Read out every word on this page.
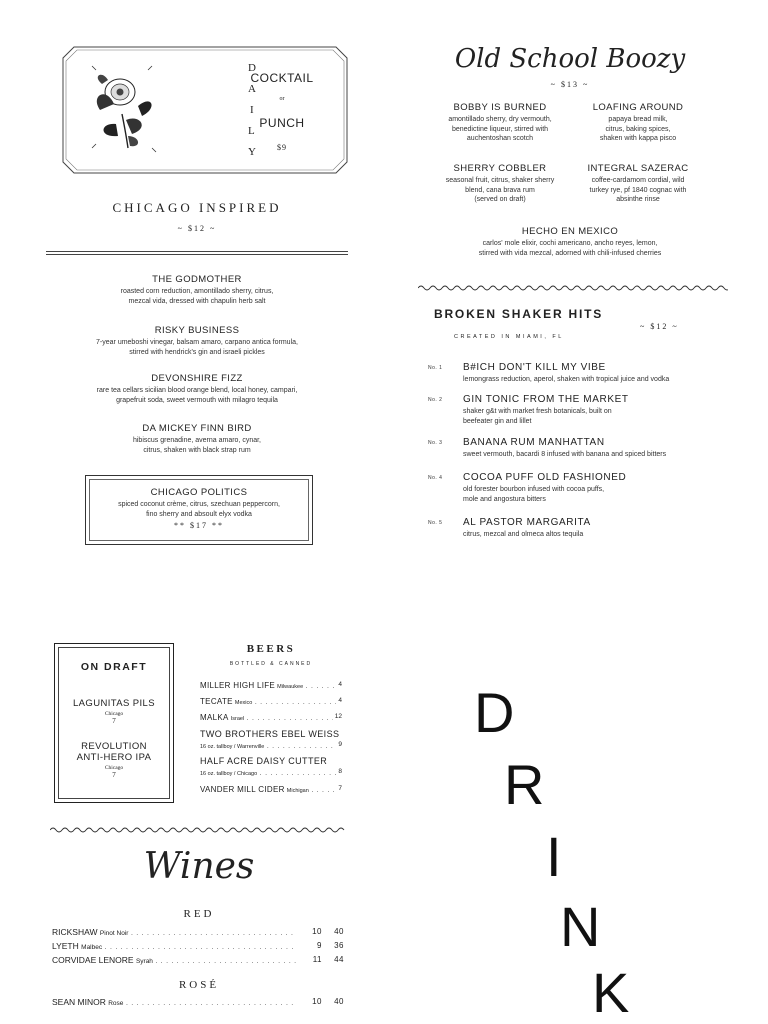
D
A
I
L
Y
COCKTAIL
or
PUNCH
$9
CHICAGO INSPIRED
~ $12 ~
THE GODMOTHER
roasted corn reduction, amontillado sherry, citrus,
mezcal vida, dressed with chapulin herb salt
RISKY BUSINESS
7-year umeboshi vinegar, balsam amaro, carpano antica formula,
stirred with hendrick's gin and israeli pickles
DEVONSHIRE FIZZ
rare tea cellars sicilian blood orange blend, local honey, campari,
grapefruit soda, sweet vermouth with milagro tequila
DA MICKEY FINN BIRD
hibiscus grenadine, averna amaro, cynar,
citrus, shaken with black strap rum
CHICAGO POLITICS
spiced coconut crème, citrus, szechuan peppercorn,
fino sherry and absoult elyx vodka
** $17 **
Old School Boozy
~ $13 ~
BOBBY IS BURNED
amontillado sherry, dry vermouth,
benedictine liqueur, stirred with
auchentoshan scotch
LOAFING AROUND
papaya bread milk,
citrus, baking spices,
shaken with kappa pisco
SHERRY COBBLER
seasonal fruit, citrus, shaker sherry
blend, cana brava rum
(served on draft)
INTEGRAL SAZERAC
coffee-cardamom cordial, wild
turkey rye, pf 1840 cognac with
absinthe rinse
HECHO EN MEXICO
carlos' mole elixir, cochi americano, ancho reyes, lemon,
stirred with vida mezcal, adorned with chili-infused cherries
BROKEN SHAKER HITS
CREATED IN MIAMI, FL
~ $12 ~
No. 1 B#ICH DON'T KILL MY VIBE
lemongrass reduction, aperol, shaken with tropical juice and vodka

No. 2 GIN TONIC FROM THE MARKET
shaker g&t with market fresh botanicals, built on
beefeater gin and lillet
No. 3 BANANA RUM MANHATTAN
sweet vermouth, bacardi 8 infused with banana and spiced bitters

No. 4 COCOA PUFF OLD FASHIONED
old forester bourbon infused with cocoa puffs,
mole and angostura bitters
No. 5 AL PASTOR MARGARITA
citrus, mezcal and olmeca altos tequila

ON DRAFT
LAGUNITAS PILS
Chicago
7
REVOLUTION
ANTI-HERO IPA
Chicago
7
BEERS
BOTTLED & CANNED
MILLER HIGH LIFE Milwaukee	4
. . .
TECATE Mexico	4
. . .
MALKA Israel	12
. . .
TWO BROTHERS EBEL WEISS
16 oz. tallboy / Warrenville	9
. . .
HALF ACRE DAISY CUTTER
16 oz. tallboy / Chicago	8
. . .
VANDER MILL CIDER Michigan	7
. . .
Wines
RED
RICKSHAW Pinot Noir	10 40
. . .
LYETH Malbec	9 36
. . .
CORVIDAE LENORE Syrah	11 44
. . .
ROSÉ
SEAN MINOR Rose	10 40
. . .
D
R
I
N
K
